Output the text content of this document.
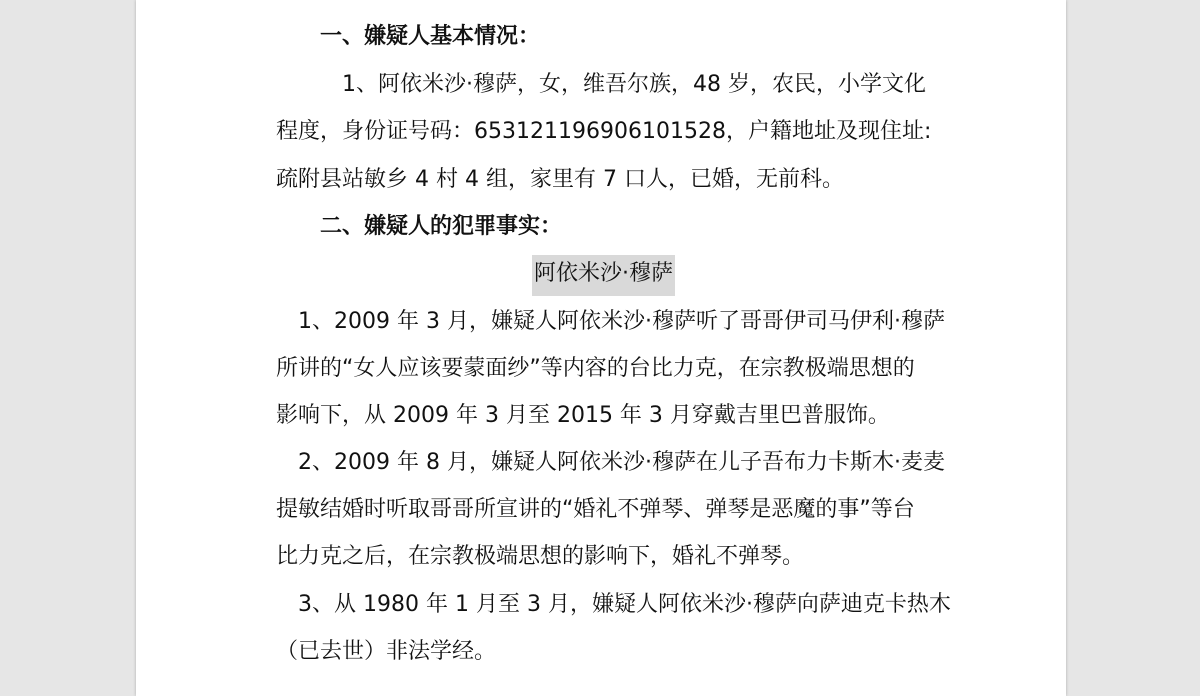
一、嫌疑人基本情况：
1、阿依米沙·穆萨，女，维吾尔族，48 岁，农民，小学文化
程度，身份证号码：653121196906101528，户籍地址及现住址:
疏附县站敏乡 4 村 4 组，家里有 7 口人，已婚，无前科。
二、嫌疑人的犯罪事实：
阿依米沙·穆萨
1、2009 年 3 月，嫌疑人阿依米沙·穆萨听了哥哥伊司马伊利·穆萨
所讲的“女人应该要蒙面纱”等内容的台比力克，在宗教极端思想的
影响下，从 2009 年 3 月至 2015 年 3 月穿戴吉里巴普服饰。
2、2009 年 8 月，嫌疑人阿依米沙·穆萨在儿子吾布力卡斯木·麦麦
提敏结婚时听取哥哥所宣讲的“婚礼不弹琴、弹琴是恶魔的事”等台
比力克之后，在宗教极端思想的影响下，婚礼不弹琴。
3、从 1980 年 1 月至 3 月，嫌疑人阿依米沙·穆萨向萨迪克卡热木
（已去世）非法学经。
